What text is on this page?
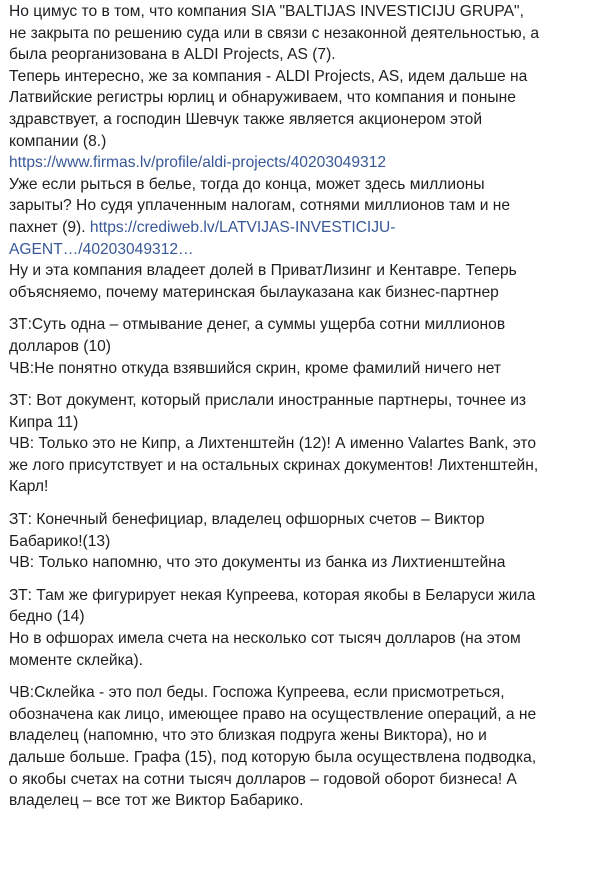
Но цимус то в том, что компания SIA "BALTIJAS INVESTICIJU GRUPA",
не закрыта по решению суда или в связи с незаконной деятельностью, а
была реорганизована в ALDI Projects, AS (7).
Теперь интересно, же за компания - ALDI Projects, AS, идем дальше на
Латвийские регистры юрлиц и обнаруживаем, что компания и поныне
здравствует, а господин Шевчук также является акционером этой
компании (8.)
https://www.firmas.lv/profile/aldi-projects/40203049312
Уже если рыться в белье, тогда до конца, может здесь миллионы
зарыты? Но судя уплаченным налогам, сотнями миллионов там и не
пахнет (9). https://crediweb.lv/LATVIJAS-INVESTICIJU-
AGENT…/40203049312…
Ну и эта компания владеет долей в ПриватЛизинг и Кентавре. Теперь
объясняемо, почему материнская былауказана как бизнес-партнер
ЗТ:Суть одна – отмывание денег, а суммы ущерба сотни миллионов
долларов (10)
ЧВ:Не понятно откуда взявшийся скрин, кроме фамилий ничего нет
ЗТ: Вот документ, который прислали иностранные партнеры, точнее из
Кипра 11)
ЧВ: Только это не Кипр, а Лихтенштейн (12)! А именно Valartes Bank, это
же лого присутствует и на остальных скринах документов! Лихтенштейн,
Карл!
ЗТ: Конечный бенефициар, владелец офшорных счетов – Виктор
Бабарико!(13)
ЧВ: Только напомню, что это документы из банка из Лихтиенштейна
ЗТ: Там же фигурирует некая Купреева, которая якобы в Беларуси жила
бедно (14)
Но в офшорах имела счета на несколько сот тысяч долларов (на этом
моменте склейка).
ЧВ:Склейка - это пол беды. Госпожа Купреева, если присмотреться,
обозначена как лицо, имеющее право на осуществление операций, а не
владелец (напомню, что это близкая подруга жены Виктора), но и
дальше больше. Графа (15), под которую была осуществлена подводка,
о якобы счетах на сотни тысяч долларов – годовой оборот бизнеса! А
владелец – все тот же Виктор Бабарико.
